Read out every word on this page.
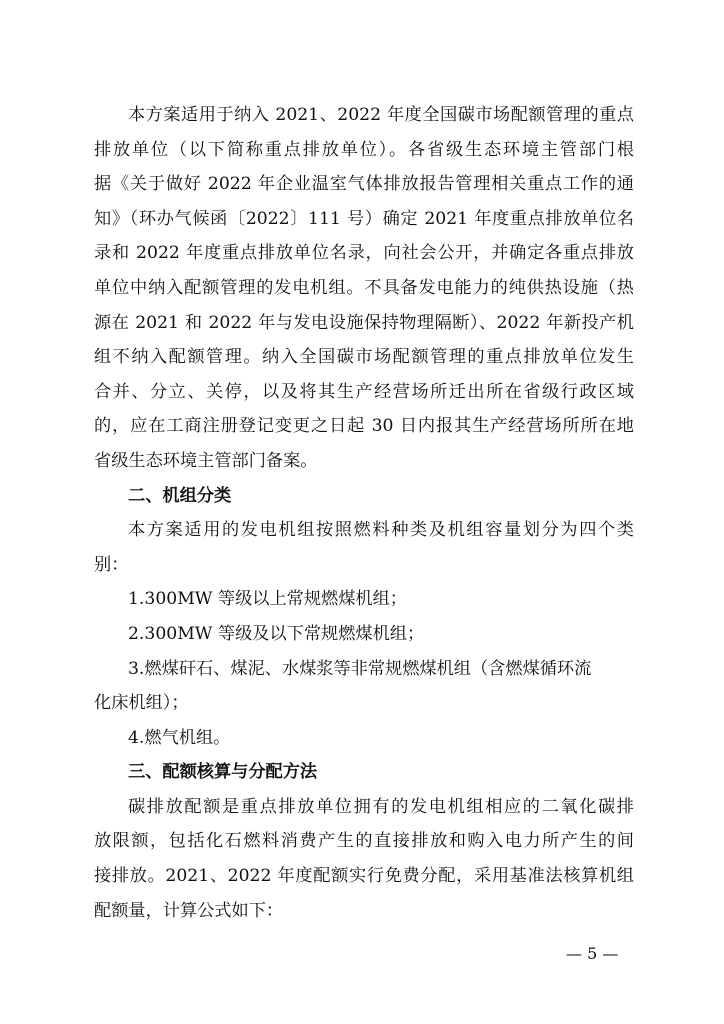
本方案适用于纳入 2021、2022 年度全国碳市场配额管理的重点
排放单位（以下简称重点排放单位）。各省级生态环境主管部门根
据《关于做好 2022 年企业温室气体排放报告管理相关重点工作的通
知》（环办气候函〔2022〕111 号）确定 2021 年度重点排放单位名
录和 2022 年度重点排放单位名录，向社会公开，并确定各重点排放
单位中纳入配额管理的发电机组。不具备发电能力的纯供热设施（热
源在 2021 和 2022 年与发电设施保持物理隔断）、2022 年新投产机
组不纳入配额管理。纳入全国碳市场配额管理的重点排放单位发生
合并、分立、关停，以及将其生产经营场所迁出所在省级行政区域
的，应在工商注册登记变更之日起 30 日内报其生产经营场所所在地
省级生态环境主管部门备案。

二、机组分类

本方案适用的发电机组按照燃料种类及机组容量划分为四个类
别：

1.300MW 等级以上常规燃煤机组；

2.300MW 等级及以下常规燃煤机组；

3.燃煤矸石、煤泥、水煤浆等非常规燃煤机组（含燃煤循环流
化床机组）；

4.燃气机组。

三、配额核算与分配方法

碳排放配额是重点排放单位拥有的发电机组相应的二氧化碳排
放限额，包括化石燃料消费产生的直接排放和购入电力所产生的间
接排放。2021、2022 年度配额实行免费分配，采用基准法核算机组
配额量，计算公式如下：

— 5 —
